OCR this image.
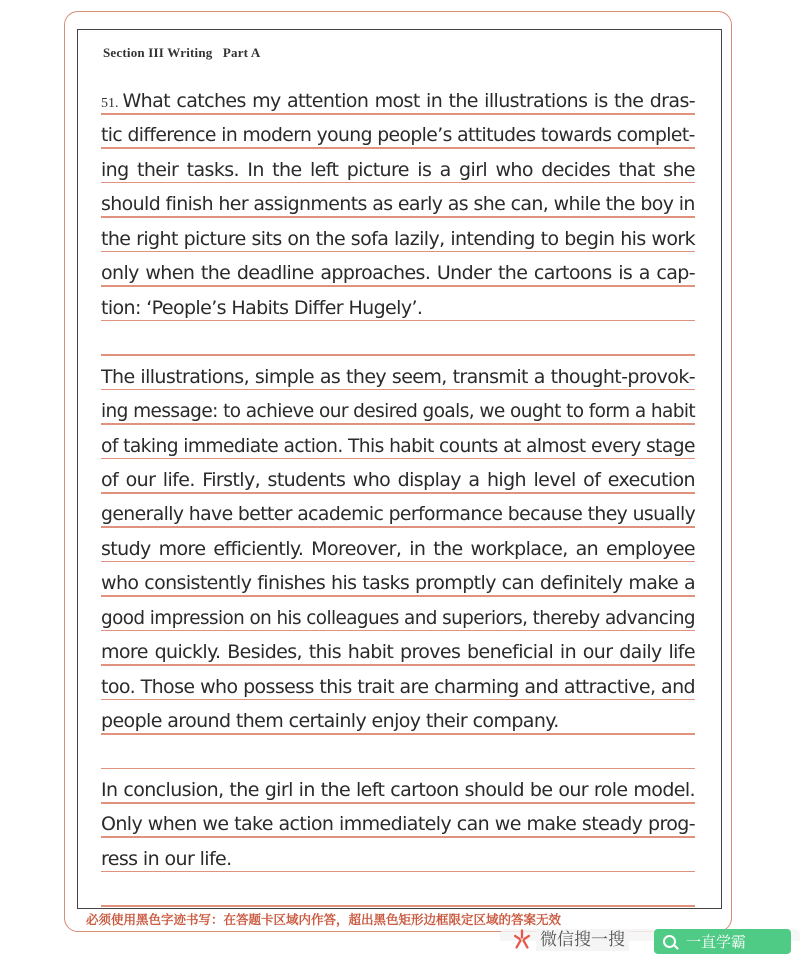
Section III Writing   Part A
51. What catches my attention most in the illustrations is the dras-
tic difference in modern young people’s attitudes towards complet-
ing their tasks. In the left picture is a girl who decides that she
should finish her assignments as early as she can, while the boy in
the right picture sits on the sofa lazily, intending to begin his work
only when the deadline approaches. Under the cartoons is a cap-
tion: ‘People’s Habits Differ Hugely’.
The illustrations, simple as they seem, transmit a thought-provok-
ing message: to achieve our desired goals, we ought to form a habit
of taking immediate action. This habit counts at almost every stage
of our life. Firstly, students who display a high level of execution
generally have better academic performance because they usually
study more efficiently. Moreover, in the workplace, an employee
who consistently finishes his tasks promptly can definitely make a
good impression on his colleagues and superiors, thereby advancing
more quickly. Besides, this habit proves beneficial in our daily life
too. Those who possess this trait are charming and attractive, and
people around them certainly enjoy their company.
In conclusion, the girl in the left cartoon should be our role model.
Only when we take action immediately can we make steady prog-
ress in our life.
必须使用黑色字迹书写：在答题卡区域内作答，超出黑色矩形边框限定区域的答案无效
微信搜一搜	一直学霸
